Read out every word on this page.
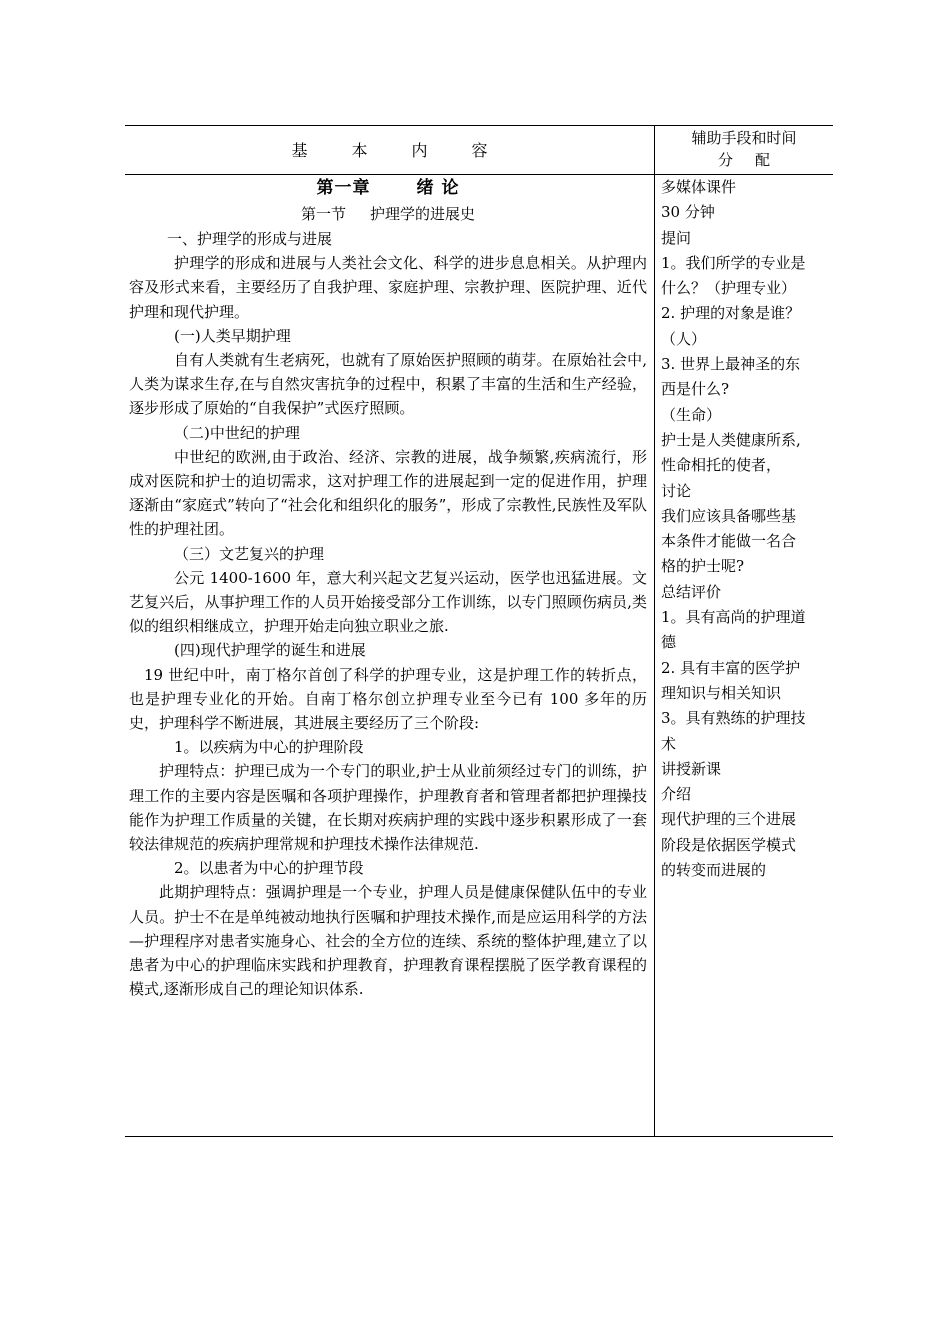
基本内容
辅助手段和时间
分配

第一章	绪 论

第一节 护理学的进展史

一、护理学的形成与进展

护理学的形成和进展与人类社会文化、科学的进步息息相关。从护理内容及形式来看，主要经历了自我护理、家庭护理、宗教护理、医院护理、近代护理和现代护理。

(一)人类早期护理

自有人类就有生老病死，也就有了原始医护照顾的萌芽。在原始社会中,人类为谋求生存,在与自然灾害抗争的过程中，积累了丰富的生活和生产经验，逐步形成了原始的“自我保护”式医疗照顾。

（二)中世纪的护理

中世纪的欧洲,由于政治、经济、宗教的进展，战争频繁,疾病流行，形成对医院和护士的迫切需求，这对护理工作的进展起到一定的促进作用，护理逐渐由“家庭式”转向了“社会化和组织化的服务”，形成了宗教性,民族性及军队性的护理社团。

（三）文艺复兴的护理

公元 1400-1600 年，意大利兴起文艺复兴运动，医学也迅猛进展。文艺复兴后，从事护理工作的人员开始接受部分工作训练，以专门照顾伤病员,类似的组织相继成立，护理开始走向独立职业之旅.

(四)现代护理学的诞生和进展

19 世纪中叶，南丁格尔首创了科学的护理专业，这是护理工作的转折点，也是护理专业化的开始。自南丁格尔创立护理专业至今已有 100 多年的历史，护理科学不断进展，其进展主要经历了三个阶段:

1。以疾病为中心的护理阶段

护理特点：护理已成为一个专门的职业,护士从业前须经过专门的训练，护理工作的主要内容是医嘱和各项护理操作，护理教育者和管理者都把护理操技能作为护理工作质量的关键，在长期对疾病护理的实践中逐步积累形成了一套较法律规范的疾病护理常规和护理技术操作法律规范.

2。以患者为中心的护理节段

此期护理特点：强调护理是一个专业，护理人员是健康保健队伍中的专业人员。护士不在是单纯被动地执行医嘱和护理技术操作,而是应运用科学的方法—护理程序对患者实施身心、社会的全方位的连续、系统的整体护理,建立了以患者为中心的护理临床实践和护理教育，护理教育课程摆脱了医学教育课程的模式,逐渐形成自己的理论知识体系.

多媒体课件
30 分钟
提问
1。我们所学的专业是
什么？（护理专业）
2. 护理的对象是谁？
（人）
3. 世界上最神圣的东
西是什么?
（生命）
护士是人类健康所系,
性命相托的使者，
讨论
我们应该具备哪些基
本条件才能做一名合
格的护士呢?
总结评价
1。具有高尚的护理道
德
2. 具有丰富的医学护
理知识与相关知识
3。具有熟练的护理技
术
讲授新课
介绍
现代护理的三个进展
阶段是依据医学模式
的转变而进展的
